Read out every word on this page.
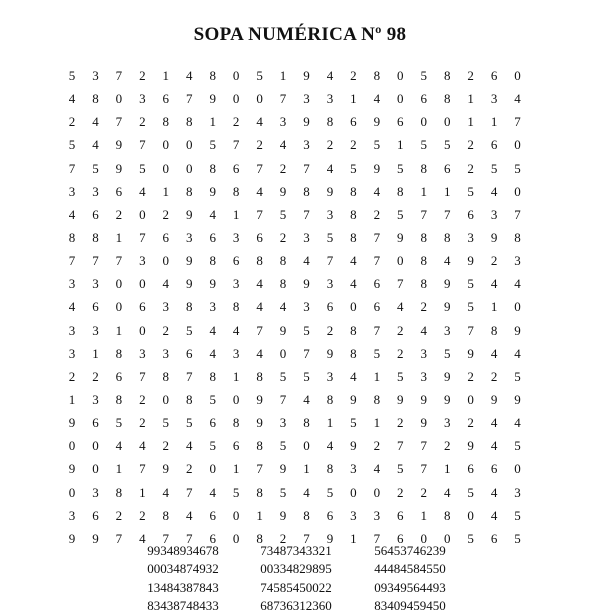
SOPA NUMÉRICA Nº 98
5	3	7	2	1	4	8	0	5	1	9	4	2	8	0	5	8	2	6	0
4	8	0	3	6	7	9	0	0	7	3	3	1	4	0	6	8	1	3	4
2	4	7	2	8	8	1	2	4	3	9	8	6	9	6	0	0	1	1	7
5	4	9	7	0	0	5	7	2	4	3	2	2	5	1	5	5	2	6	0
7	5	9	5	0	0	8	6	7	2	7	4	5	9	5	8	6	2	5	5
3	3	6	4	1	8	9	8	4	9	8	9	8	4	8	1	1	5	4	0
4	6	2	0	2	9	4	1	7	5	7	3	8	2	5	7	7	6	3	7
8	8	1	7	6	3	6	3	6	2	3	5	8	7	9	8	8	3	9	8
7	7	7	3	0	9	8	6	8	8	4	7	4	7	0	8	4	9	2	3
3	3	0	0	4	9	9	3	4	8	9	3	4	6	7	8	9	5	4	4
4	6	0	6	3	8	3	8	4	4	3	6	0	6	4	2	9	5	1	0
3	3	1	0	2	5	4	4	7	9	5	2	8	7	2	4	3	7	8	9
3	1	8	3	3	6	4	3	4	0	7	9	8	5	2	3	5	9	4	4
2	2	6	7	8	7	8	1	8	5	5	3	4	1	5	3	9	2	2	5
1	3	8	2	0	8	5	0	9	7	4	8	9	8	9	9	9	0	9	9
9	6	5	2	5	5	6	8	9	3	8	1	5	1	2	9	3	2	4	4
0	0	4	4	2	4	5	6	8	5	0	4	9	2	7	7	2	9	4	5
9	0	1	7	9	2	0	1	7	9	1	8	3	4	5	7	1	6	6	0
0	3	8	1	4	7	4	5	8	5	4	5	0	0	2	2	4	5	4	3
3	6	2	2	8	4	6	0	1	9	8	6	3	3	6	1	8	0	4	5
9	9	7	4	7	7	6	0	8	2	7	9	1	7	6	0	0	5	6	5
99348934678	73487343321	56453746239
00034874932	00334829895	44484584550
13484387843	74585450022	09349564493
83438748433	68736312360	83409459450
